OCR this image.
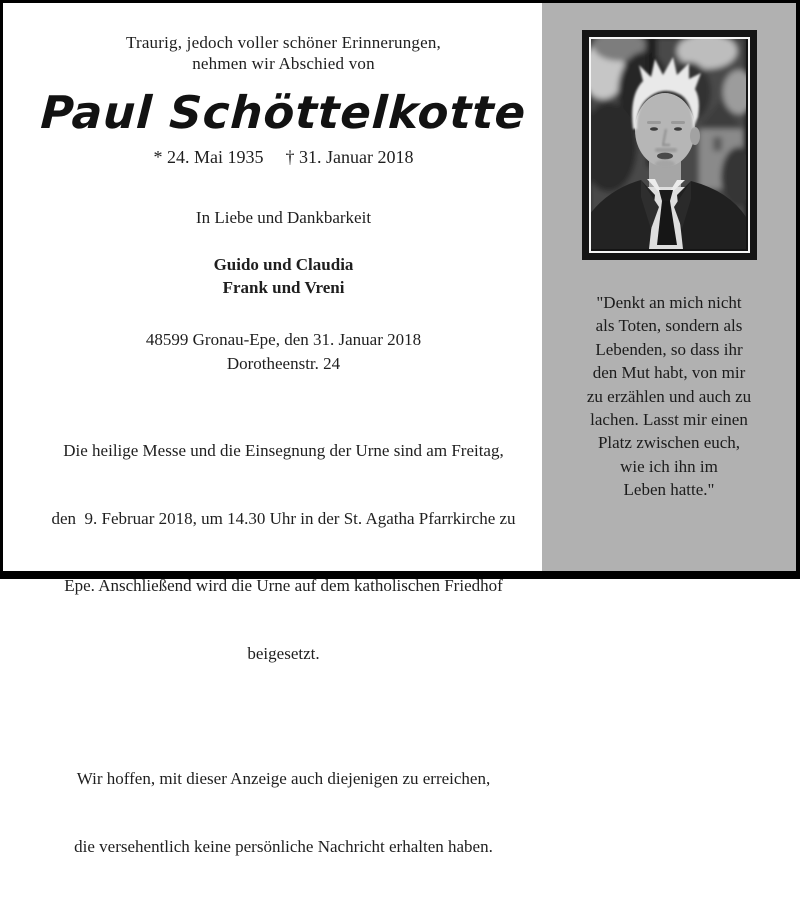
Traurig, jedoch voller schöner Erinnerungen,
nehmen wir Abschied von
Paul Schöttelkotte
* 24. Mai 1935 † 31. Januar 2018
In Liebe und Dankbarkeit
Guido und Claudia
Frank und Vreni
48599 Gronau-Epe, den 31. Januar 2018
Dorotheenstr. 24

Die heilige Messe und die Einsegnung der Urne sind am Freitag,

den  9. Februar 2018, um 14.30 Uhr in der St. Agatha Pfarrkirche zu

Epe. Anschließend wird die Urne auf dem katholischen Friedhof

beigesetzt.

Wir hoffen, mit dieser Anzeige auch diejenigen zu erreichen,

die versehentlich keine persönliche Nachricht erhalten haben.

"Denkt an mich nicht
als Toten, sondern als
Lebenden, so dass ihr
den Mut habt, von mir
zu erzählen und auch zu
lachen. Lasst mir einen
Platz zwischen euch,
wie ich ihn im
Leben hatte."
